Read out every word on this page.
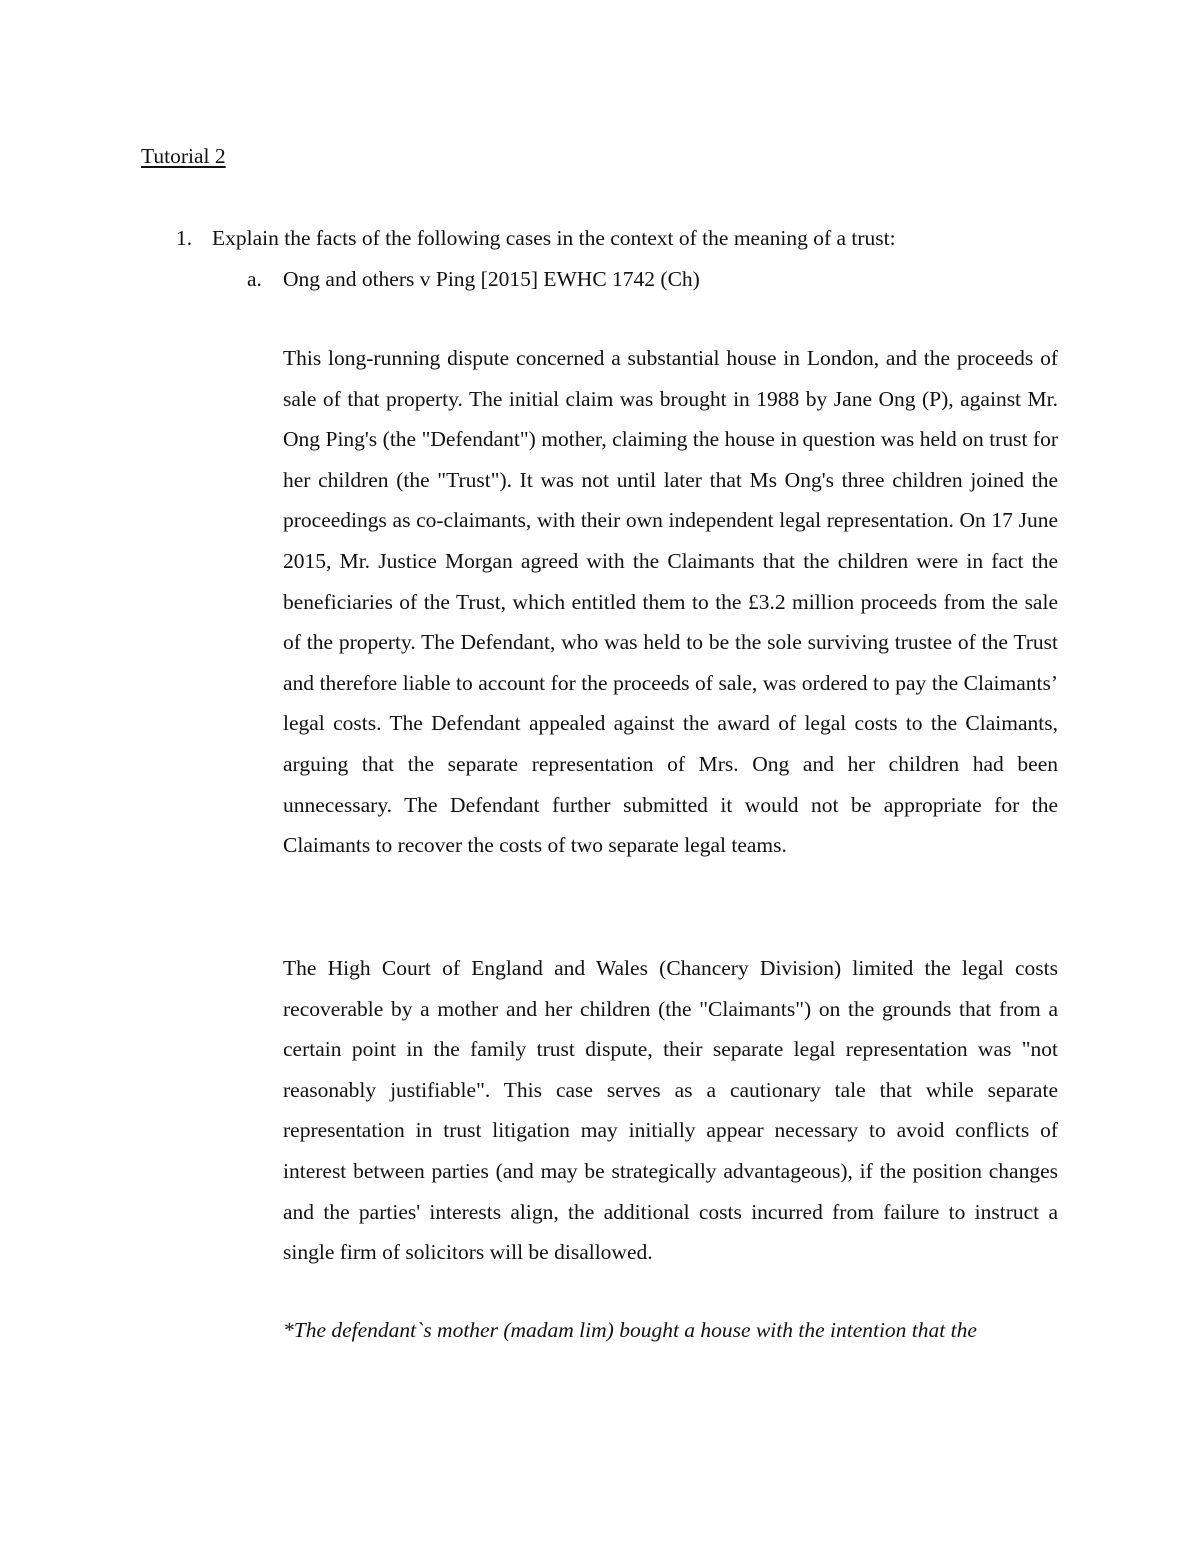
Tutorial 2
1. Explain the facts of the following cases in the context of the meaning of a trust:
a. Ong and others v Ping [2015] EWHC 1742 (Ch)

This long-running dispute concerned a substantial house in London, and the proceeds of sale of that property. The initial claim was brought in 1988 by Jane Ong (P), against Mr. Ong Ping's (the "Defendant") mother, claiming the house in question was held on trust for her children (the "Trust"). It was not until later that Ms Ong's three children joined the proceedings as co-claimants, with their own independent legal representation. On 17 June 2015, Mr. Justice Morgan agreed with the Claimants that the children were in fact the beneficiaries of the Trust, which entitled them to the £3.2 million proceeds from the sale of the property. The Defendant, who was held to be the sole surviving trustee of the Trust and therefore liable to account for the proceeds of sale, was ordered to pay the Claimants’ legal costs. The Defendant appealed against the award of legal costs to the Claimants, arguing that the separate representation of Mrs. Ong and her children had been unnecessary. The Defendant further submitted it would not be appropriate for the Claimants to recover the costs of two separate legal teams.

The High Court of England and Wales (Chancery Division) limited the legal costs recoverable by a mother and her children (the "Claimants") on the grounds that from a certain point in the family trust dispute, their separate legal representation was "not reasonably justifiable". This case serves as a cautionary tale that while separate representation in trust litigation may initially appear necessary to avoid conflicts of interest between parties (and may be strategically advantageous), if the position changes and the parties' interests align, the additional costs incurred from failure to instruct a single firm of solicitors will be disallowed.

*The defendant`s mother (madam lim) bought a house with the intention that the
